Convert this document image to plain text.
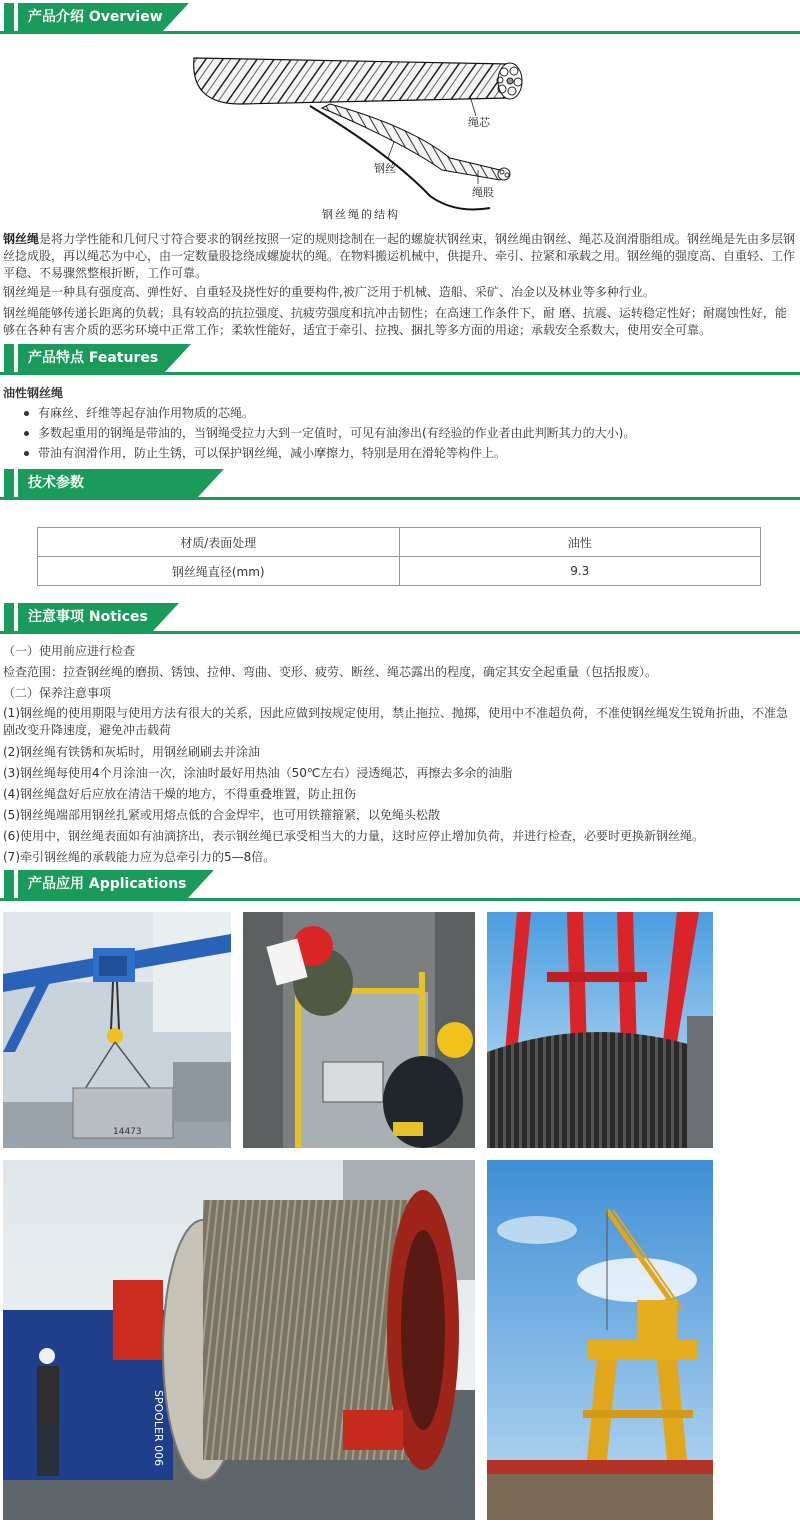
产品介绍 Overview
绳芯
钢丝
绳股
钢丝绳的结构

钢丝绳是将力学性能和几何尺寸符合要求的钢丝按照一定的规则捻制在一起的螺旋状钢丝束，钢丝绳由钢丝、绳芯及润滑脂组成。钢丝绳是先由多层钢丝捻成股，再以绳芯为中心，由一定数量股捻绕成螺旋状的绳。在物料搬运机械中，供提升、牵引、拉紧和承载之用。钢丝绳的强度高、自重轻、工作平稳、不易骤然整根折断，工作可靠。

钢丝绳是一种具有强度高、弹性好、自重轻及挠性好的重要构件,被广泛用于机械、造船、采矿、冶金以及林业等多种行业。

钢丝绳能够传递长距离的负载；具有较高的抗拉强度、抗疲劳强度和抗冲击韧性；在高速工作条件下，耐 磨、抗震、运转稳定性好；耐腐蚀性好，能够在各种有害介质的恶劣环境中正常工作；柔软性能好，适宜于牵引、拉拽、捆扎等多方面的用途；承载安全系数大，使用安全可靠。

产品特点 Features

油性钢丝绳

有麻丝、纤维等起存油作用物质的芯绳。
多数起重用的钢绳是带油的，当钢绳受拉力大到一定值时，可见有油渗出(有经验的作业者由此判断其力的大小)。
带油有润滑作用，防止生锈，可以保护钢丝绳，减小摩擦力，特别是用在滑轮等构件上。
技术参数 Specifications
材质/表面处理	油性
钢丝绳直径(mm)	9.3
注意事项 Notices

（一）使用前应进行检查

检查范围：拉查钢丝绳的磨损、锈蚀、拉伸、弯曲、变形、疲劳、断丝、绳芯露出的程度，确定其安全起重量（包括报废）。

（二）保养注意事项

(1)钢丝绳的使用期限与使用方法有很大的关系，因此应做到按规定使用，禁止拖拉、抛掷，使用中不准超负荷，不准使钢丝绳发生锐角折曲，不准急剧改变升降速度，避免冲击载荷

(2)钢丝绳有铁锈和灰垢时，用钢丝刷刷去并涂油

(3)钢丝绳每使用4个月涂油一次，涂油时最好用热油（50℃左右）浸透绳芯，再擦去多余的油脂

(4)钢丝绳盘好后应放在清洁干燥的地方，不得重叠堆置，防止扭伤

(5)钢丝绳端部用钢丝扎紧或用熔点低的合金焊牢，也可用铁箍箍紧，以免绳头松散

(6)使用中，钢丝绳表面如有油滴挤出，表示钢丝绳已承受相当大的力量，这时应停止增加负荷，并进行检查，必要时更换新钢丝绳。

(7)牵引钢丝绳的承载能力应为总牵引力的5—8倍。

产品应用 Applications
14473
SPOOLER 006
